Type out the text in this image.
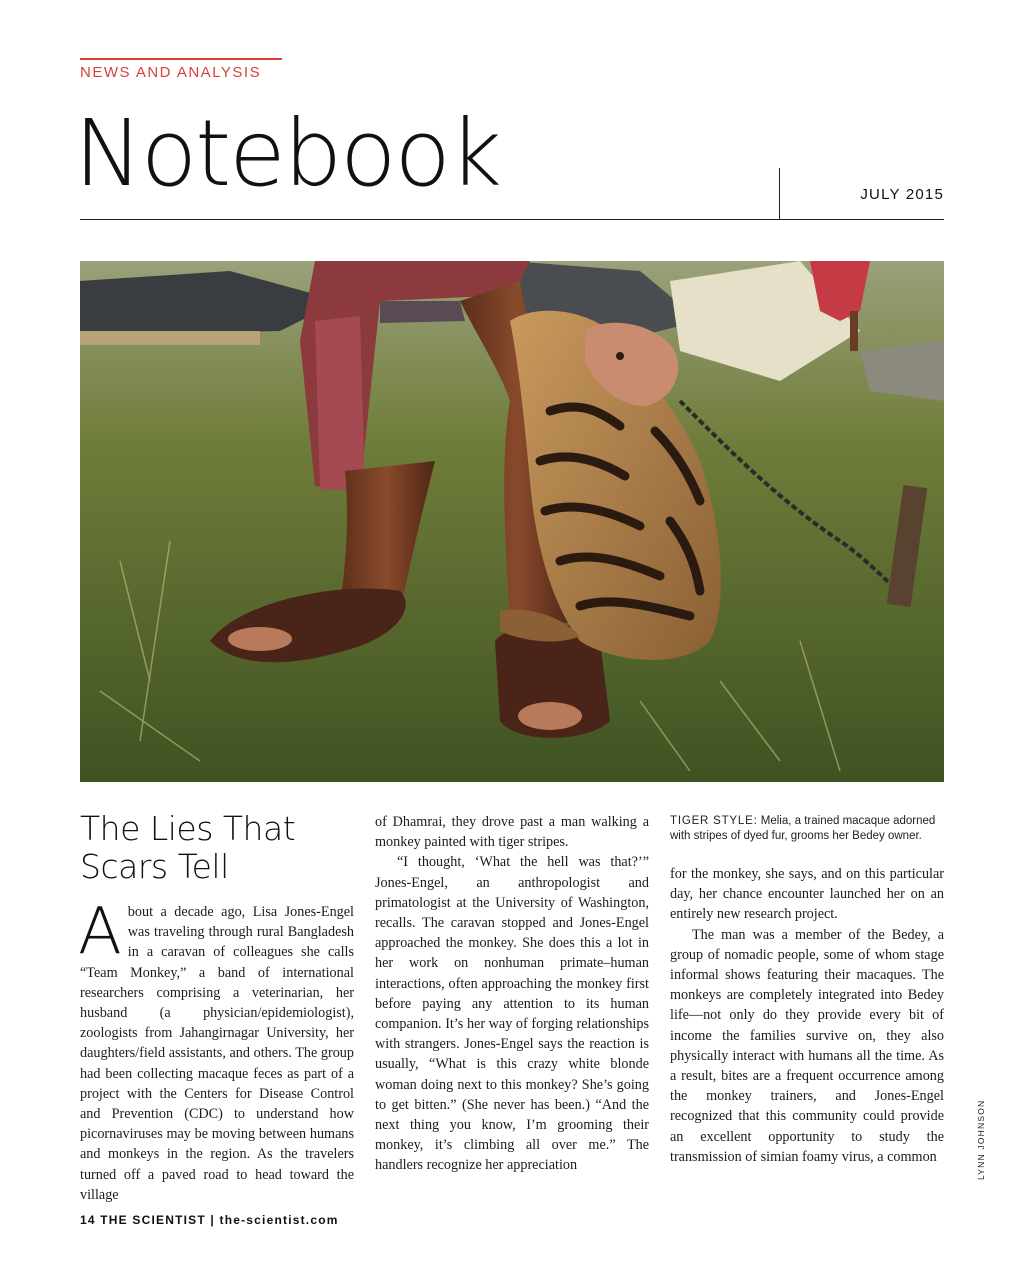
NEWS AND ANALYSIS
Notebook	JULY 2015
LYNN JOHNSON
The Lies That
Scars Tell

About a decade ago, Lisa Jones-Engel was traveling through rural Bangladesh in a caravan of colleagues she calls “Team Monkey,” a band of international researchers comprising a veterinarian, her husband (a physician/epidemiologist), zoologists from Jahangirnagar University, her daughters/field assistants, and others. The group had been collecting macaque feces as part of a project with the Centers for Disease Control and Prevention (CDC) to understand how picornaviruses may be moving between humans and monkeys in the region. As the travelers turned off a paved road to head toward the village

of Dhamrai, they drove past a man walking a monkey painted with tiger stripes.

“I thought, ‘What the hell was that?’” Jones-Engel, an anthropologist and primatologist at the University of Washington, recalls. The caravan stopped and Jones-Engel approached the monkey. She does this a lot in her work on nonhuman primate–human interactions, often approaching the monkey first before paying any attention to its human companion. It’s her way of forging relationships with strangers. Jones-Engel says the reaction is usually, “What is this crazy white blonde woman doing next to this monkey? She’s going to get bitten.” (She never has been.) “And the next thing you know, I’m grooming their monkey, it’s climbing all over me.” The handlers recognize her appreciation

TIGER STYLE: Melia, a trained macaque adorned with stripes of dyed fur, grooms her Bedey owner.

for the monkey, she says, and on this particular day, her chance encounter launched her on an entirely new research project.

The man was a member of the Bedey, a group of nomadic people, some of whom stage informal shows featuring their macaques. The monkeys are completely integrated into Bedey life—not only do they provide every bit of income the families survive on, they also physically interact with humans all the time. As a result, bites are a frequent occurrence among the monkey trainers, and Jones-Engel recognized that this community could provide an excellent opportunity to study the transmission of simian foamy virus, a common

14 THE SCIENTIST | the-scientist.com
